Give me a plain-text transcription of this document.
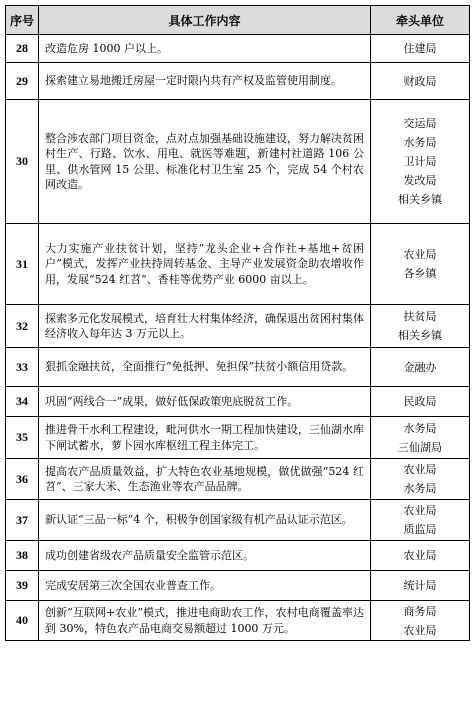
序号	具体工作内容	牵头单位
28	改造危房 1000 户以上。	住建局

29	探索建立易地搬迁房屋一定时限内共有产权及监管使用制度。	财政局

30	整合涉农部门项目资金，点对点加强基础设施建设，努力解决贫困村生产、行路、饮水、用电、就医等难题，新建村社道路 106 公里、供水管网 15 公里、标准化村卫生室 25 个，完成 54 个村农网改造。	交运局
水务局
卫计局
发改局
相关乡镇

31	大力实施产业扶贫计划，坚持“龙头企业+合作社+基地+贫困户”模式，发挥产业扶持周转基金、主导产业发展资金助农增收作用，发展“524 红苕”、香桂等优势产业 6000 亩以上。	农业局
各乡镇

32	探索多元化发展模式，培育壮大村集体经济，确保退出贫困村集体经济收入每年达 3 万元以上。	扶贫局
相关乡镇

33	狠抓金融扶贫，全面推行“免抵押、免担保”扶贫小额信用贷款。	金融办

34	巩固“两线合一”成果，做好低保政策兜底脱贫工作。	民政局

35	推进骨干水利工程建设，毗河供水一期工程加快建设，三仙湖水库下闸试蓄水，萝卜园水库枢纽工程主体完工。	水务局
三仙湖局

36	提高农产品质量效益，扩大特色农业基地规模，做优做强“524 红苕”、三家大米、生态渔业等农产品品牌。	农业局
水务局

37	新认证“三品一标”4 个，积极争创国家级有机产品认证示范区。	农业局
质监局

38	成功创建省级农产品质量安全监管示范区。	农业局

39	完成安居第三次全国农业普查工作。	统计局

40	创新“互联网+农业”模式，推进电商助农工作，农村电商覆盖率达到 30%，特色农产品电商交易额超过 1000 万元。	商务局
农业局
